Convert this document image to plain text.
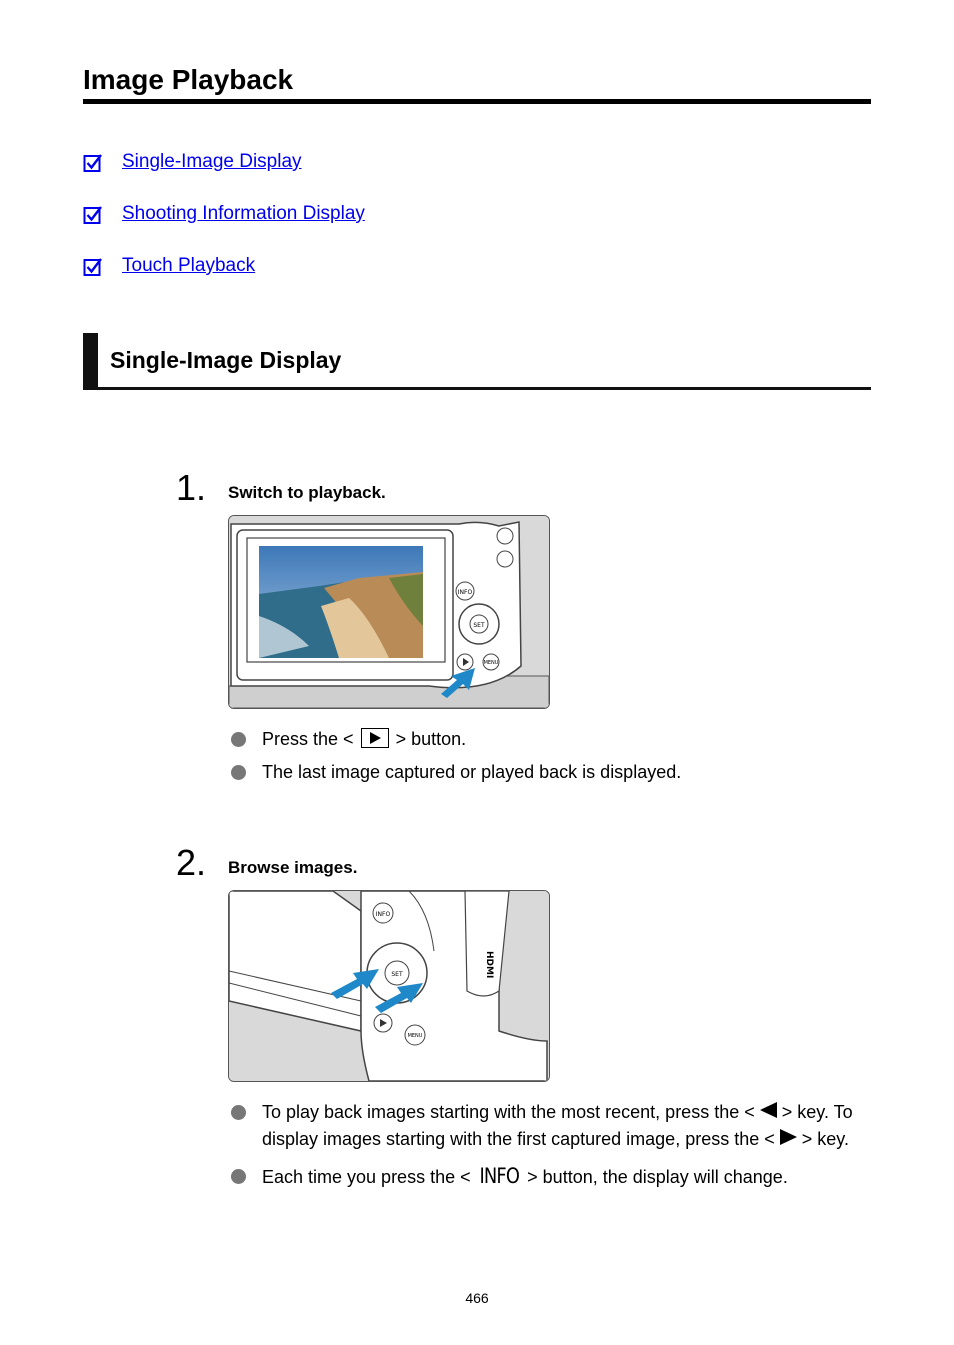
Image Playback
Single-Image Display
Shooting Information Display
Touch Playback
Single-Image Display
1. Switch to playback.
INFO
SET
MENU
Press the < > button.
The last image captured or played back is displayed.
2. Browse images.
HDMI
INFO
SET
MENU
To play back images starting with the most recent, press the < > key. To display images starting with the first captured image, press the < > key.
Each time you press the < INFO > button, the display will change.
466
